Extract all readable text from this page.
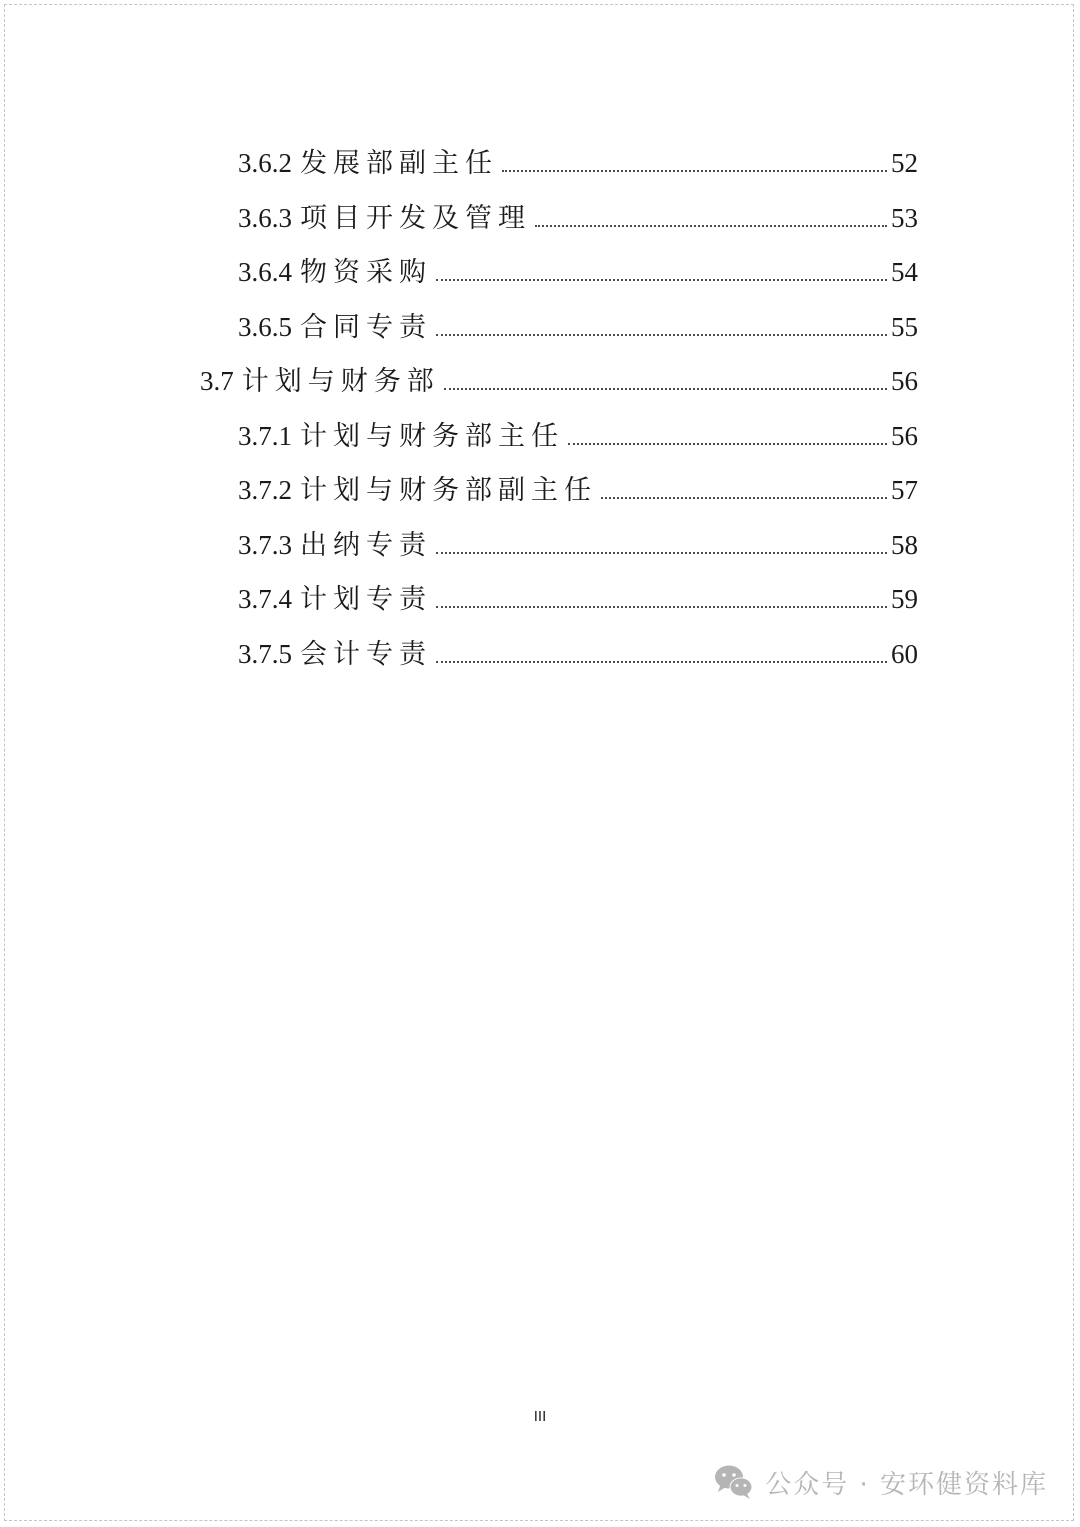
3.6.2 发展部副主任	52
3.6.3 项目开发及管理	53
3.6.4 物资采购	54
3.6.5 合同专责	55
3.7 计划与财务部	56
3.7.1 计划与财务部主任	56
3.7.2 计划与财务部副主任	57
3.7.3 出纳专责	58
3.7.4 计划专责	59
3.7.5 会计专责	60
III
公众号 · 安环健资料库
